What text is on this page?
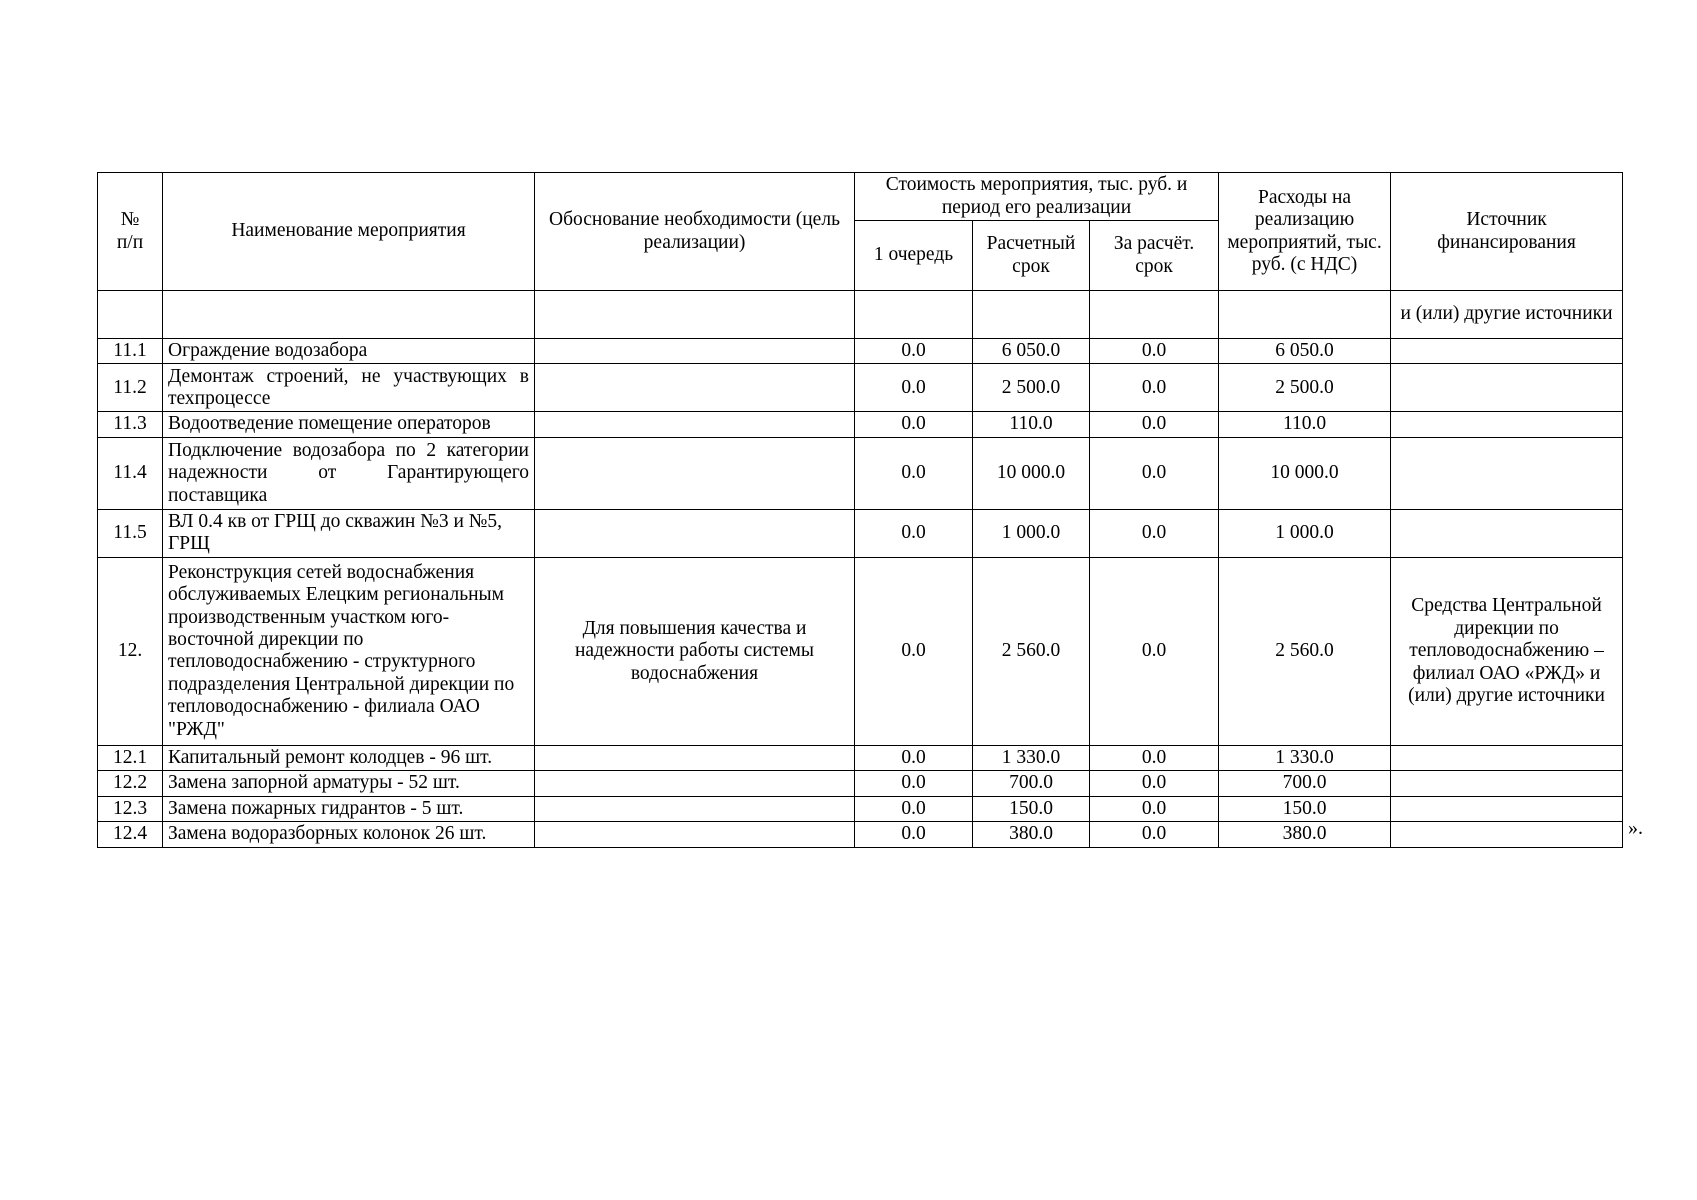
№
п/п	Наименование мероприятия	Обоснование необходимости (цель реализации)	Стоимость мероприятия, тыс. руб. и период его реализации			Расходы на реализацию мероприятий, тыс. руб. (с НДС)	Источник финансирования
			1 очередь	Расчетный срок	За расчёт. срок		
							и (или) другие источники
11.1	Ограждение водозабора		0.0	6 050.0	0.0	6 050.0	
11.2	Демонтаж строений, не участвующих в техпроцессе		0.0	2 500.0	0.0	2 500.0	
11.3	Водоотведение помещение операторов		0.0	110.0	0.0	110.0	
11.4	Подключение водозабора по 2 категории надежности от Гарантирующего поставщика		0.0	10 000.0	0.0	10 000.0	
11.5	ВЛ 0.4 кв от ГРЩ до скважин №3 и №5, ГРЩ		0.0	1 000.0	0.0	1 000.0	
12.	Реконструкция сетей водоснабжения обслуживаемых Елецким региональным производственным участком юго-восточной дирекции по тепловодоснабжению - структурного подразделения Центральной дирекции по тепловодоснабжению - филиала ОАО "РЖД"	Для повышения качества и надежности работы системы водоснабжения	0.0	2 560.0	0.0	2 560.0	Средства Центральной дирекции по тепловодоснабжению – филиал ОАО «РЖД» и (или) другие источники
12.1	Капитальный ремонт колодцев - 96 шт.		0.0	1 330.0	0.0	1 330.0	
12.2	Замена запорной арматуры - 52 шт.		0.0	700.0	0.0	700.0	
12.3	Замена пожарных гидрантов - 5 шт.		0.0	150.0	0.0	150.0	
12.4	Замена водоразборных колонок 26 шт.		0.0	380.0	0.0	380.0		».
